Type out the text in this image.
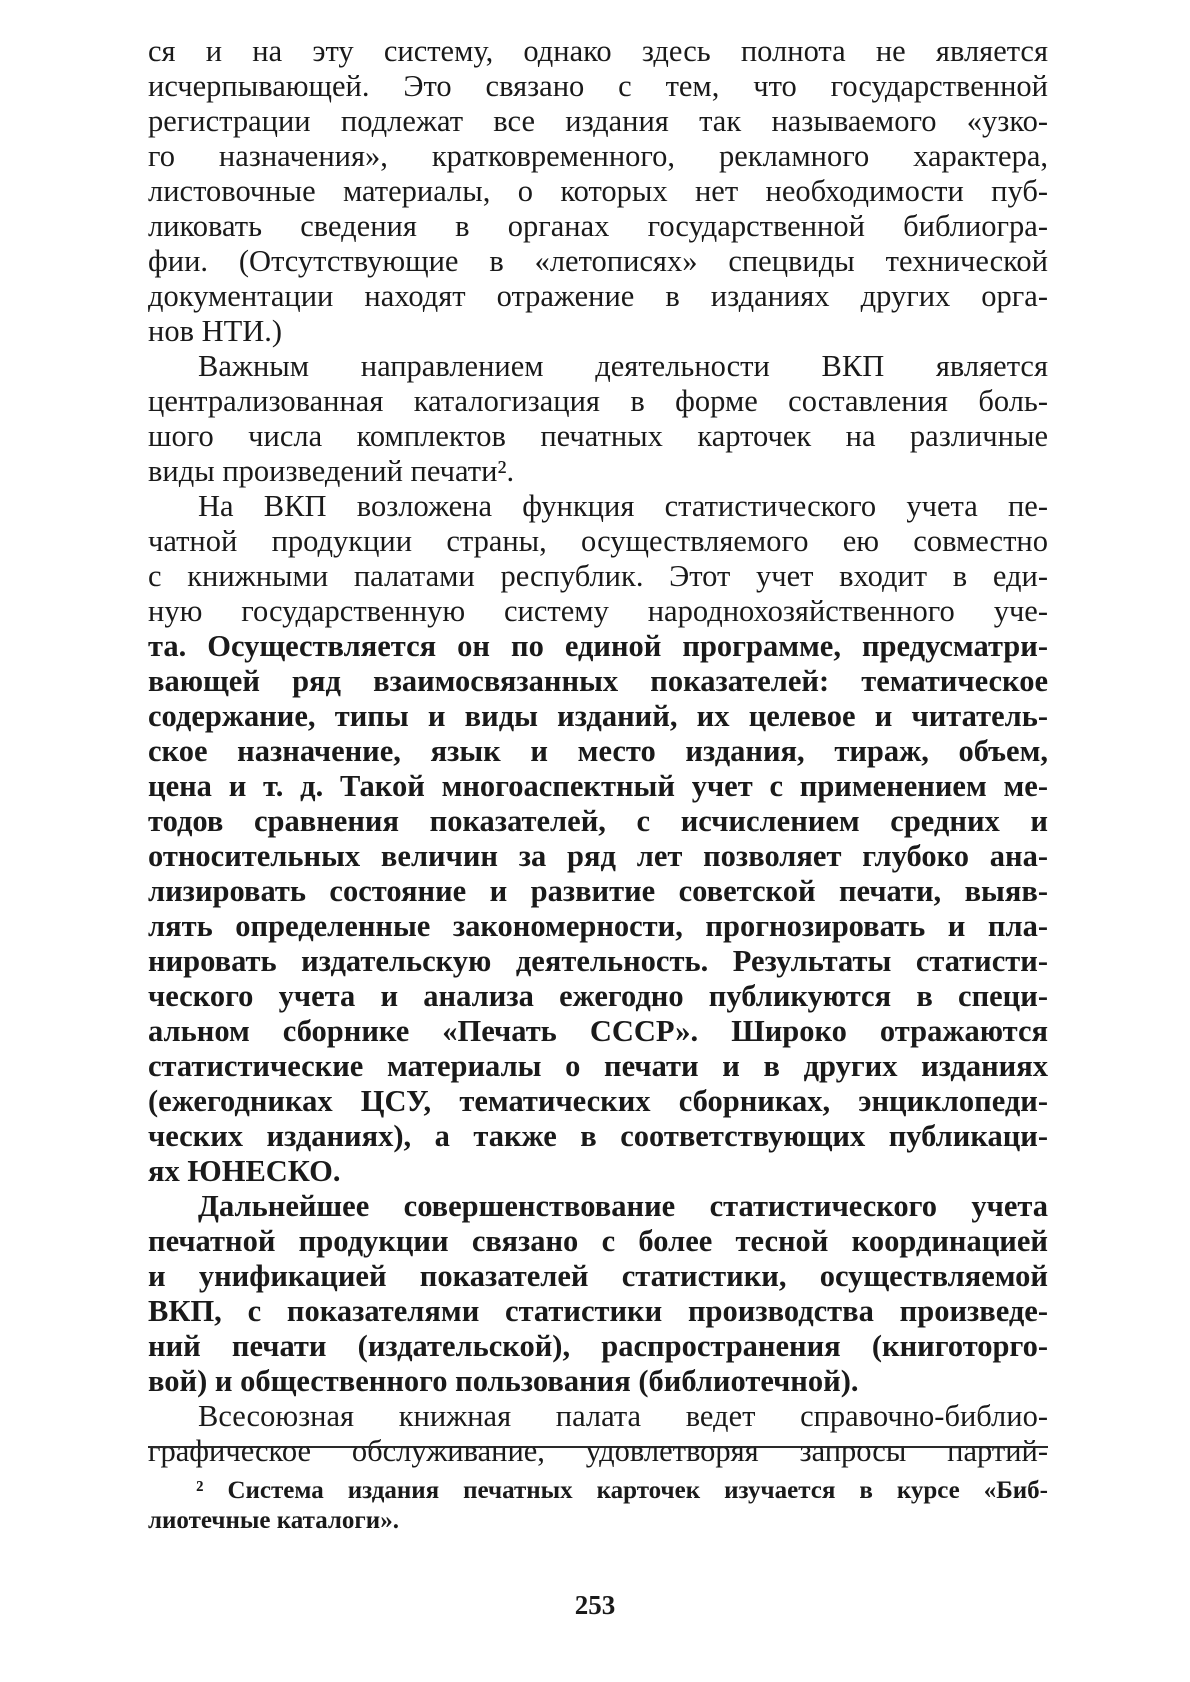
ся и на эту систему, однако здесь полнота не является
исчерпывающей. Это связано с тем, что государственной
регистрации подлежат все издания так называемого «узко-
го назначения», кратковременного, рекламного характера,
листовочные материалы, о которых нет необходимости пуб-
ликовать сведения в органах государственной библиогра-
фии. (Отсутствующие в «летописях» спецвиды технической
документации находят отражение в изданиях других орга-
нов НТИ.)
Важным направлением деятельности ВКП является
централизованная каталогизация в форме составления боль-
шого числа комплектов печатных карточек на различные
виды произведений печати².
На ВКП возложена функция статистического учета пе-
чатной продукции страны, осуществляемого ею совместно
с книжными палатами республик. Этот учет входит в еди-
ную государственную систему народнохозяйственного уче-
та. Осуществляется он по единой программе, предусматри-
вающей ряд взаимосвязанных показателей: тематическое
содержание, типы и виды изданий, их целевое и читатель-
ское назначение, язык и место издания, тираж, объем,
цена и т. д. Такой многоаспектный учет с применением ме-
тодов сравнения показателей, с исчислением средних и
относительных величин за ряд лет позволяет глубоко ана-
лизировать состояние и развитие советской печати, выяв-
лять определенные закономерности, прогнозировать и пла-
нировать издательскую деятельность. Результаты статисти-
ческого учета и анализа ежегодно публикуются в специ-
альном сборнике «Печать СССР». Широко отражаются
статистические материалы о печати и в других изданиях
(ежегодниках ЦСУ, тематических сборниках, энциклопеди-
ческих изданиях), а также в соответствующих публикаци-
ях ЮНЕСКО.
Дальнейшее совершенствование статистического учета
печатной продукции связано с более тесной координацией
и унификацией показателей статистики, осуществляемой
ВКП, с показателями статистики производства произведе-
ний печати (издательской), распространения (книготорго-
вой) и общественного пользования (библиотечной).
Всесоюзная книжная палата ведет справочно-библио-
графическое обслуживание, удовлетворяя запросы партий-
² Система издания печатных карточек изучается в курсе «Биб-
лиотечные каталоги».
253
